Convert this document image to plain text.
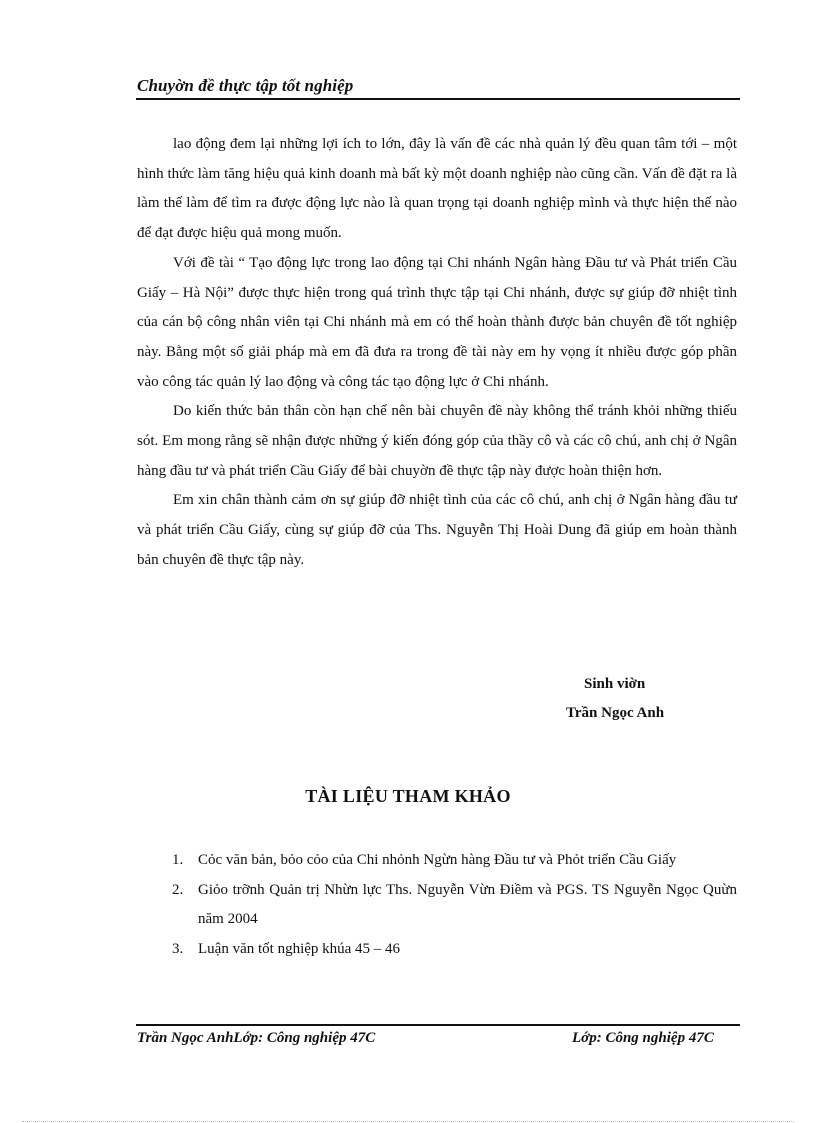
Chuyờn đề thực tập tốt nghiệp

lao động đem lại những lợi ích to lớn, đây là vấn đề các nhà quản lý đều quan tâm tới – một hình thức làm tăng hiệu quả kinh doanh mà bất kỳ một doanh nghiệp nào cũng cần. Vấn đề đặt ra là làm thế làm để tìm ra được động lực nào là quan trọng tại doanh nghiệp mình và thực hiện thế nào để đạt được hiệu quả mong muốn.

Với đề tài “ Tạo động lực trong lao động tại Chi nhánh Ngân hàng Đầu tư và Phát triển Cầu Giấy – Hà Nội” được thực hiện trong quá trình thực tập tại Chi nhánh, được sự giúp đỡ nhiệt tình của cán bộ công nhân viên tại Chi nhánh mà em có thể hoàn thành được bản chuyên đề tốt nghiệp này. Bằng một số giải pháp mà em đã đưa ra trong đề tài này em hy vọng ít nhiều được góp phần vào công tác quản lý lao động và công tác tạo động lực ở Chi nhánh.

Do kiến thức bản thân còn hạn chế nên bài chuyên đề này không thể tránh khỏi những thiếu sót. Em mong rằng sẽ nhận được những ý kiến đóng góp của thầy cô và các cô chú, anh chị ở Ngân hàng đầu tư và phát triển Cầu Giấy để bài chuyờn đề thực tập này được hoàn thiện hơn.

Em xin chân thành cảm ơn sự giúp đỡ nhiệt tình của các cô chú, anh chị ở Ngân hàng đầu tư và phát triển Cầu Giấy, cùng sự giúp đỡ của Ths. Nguyễn Thị Hoài Dung đã giúp em hoàn thành bản chuyên đề thực tập này.

Sinh viờn
Trần Ngọc Anh
TÀI LIỆU THAM KHẢO
1. Cỏc văn bản, bỏo cỏo của Chi nhỏnh Ngừn hàng Đầu tư và Phỏt triển Cầu Giấy
2. Giỏo trỡnh Quản trị Nhừn lực Ths. Nguyễn Vừn Điềm và PGS. TS Nguyễn Ngọc Quừn năm 2004
3. Luận văn tốt nghiệp khúa 45 – 46
Trần Ngọc AnhLớp: Công nghiệp 47C	Lớp: Công nghiệp 47C
